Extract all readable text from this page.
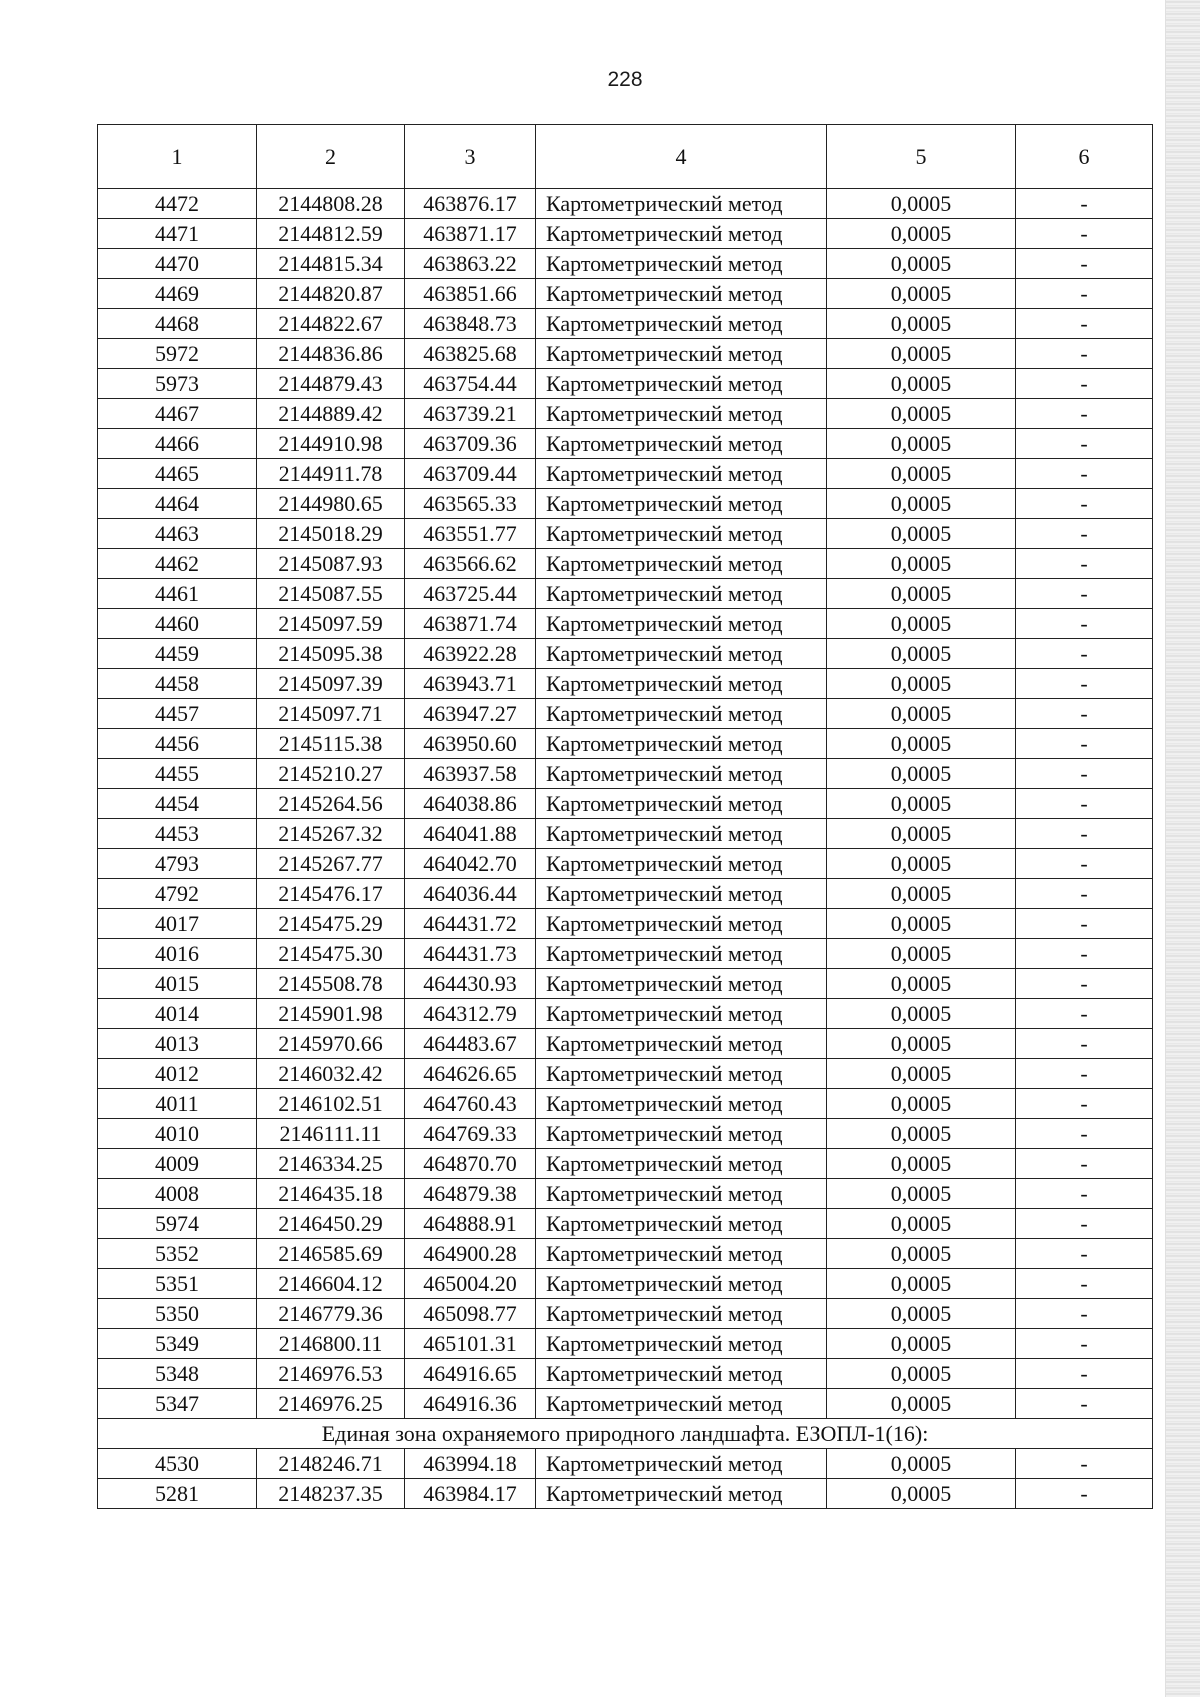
228
1	2	3	4	5	6
4472	2144808.28	463876.17	Картометрический метод	0,0005	-
4471	2144812.59	463871.17	Картометрический метод	0,0005	-
4470	2144815.34	463863.22	Картометрический метод	0,0005	-
4469	2144820.87	463851.66	Картометрический метод	0,0005	-
4468	2144822.67	463848.73	Картометрический метод	0,0005	-
5972	2144836.86	463825.68	Картометрический метод	0,0005	-
5973	2144879.43	463754.44	Картометрический метод	0,0005	-
4467	2144889.42	463739.21	Картометрический метод	0,0005	-
4466	2144910.98	463709.36	Картометрический метод	0,0005	-
4465	2144911.78	463709.44	Картометрический метод	0,0005	-
4464	2144980.65	463565.33	Картометрический метод	0,0005	-
4463	2145018.29	463551.77	Картометрический метод	0,0005	-
4462	2145087.93	463566.62	Картометрический метод	0,0005	-
4461	2145087.55	463725.44	Картометрический метод	0,0005	-
4460	2145097.59	463871.74	Картометрический метод	0,0005	-
4459	2145095.38	463922.28	Картометрический метод	0,0005	-
4458	2145097.39	463943.71	Картометрический метод	0,0005	-
4457	2145097.71	463947.27	Картометрический метод	0,0005	-
4456	2145115.38	463950.60	Картометрический метод	0,0005	-
4455	2145210.27	463937.58	Картометрический метод	0,0005	-
4454	2145264.56	464038.86	Картометрический метод	0,0005	-
4453	2145267.32	464041.88	Картометрический метод	0,0005	-
4793	2145267.77	464042.70	Картометрический метод	0,0005	-
4792	2145476.17	464036.44	Картометрический метод	0,0005	-
4017	2145475.29	464431.72	Картометрический метод	0,0005	-
4016	2145475.30	464431.73	Картометрический метод	0,0005	-
4015	2145508.78	464430.93	Картометрический метод	0,0005	-
4014	2145901.98	464312.79	Картометрический метод	0,0005	-
4013	2145970.66	464483.67	Картометрический метод	0,0005	-
4012	2146032.42	464626.65	Картометрический метод	0,0005	-
4011	2146102.51	464760.43	Картометрический метод	0,0005	-
4010	2146111.11	464769.33	Картометрический метод	0,0005	-
4009	2146334.25	464870.70	Картометрический метод	0,0005	-
4008	2146435.18	464879.38	Картометрический метод	0,0005	-
5974	2146450.29	464888.91	Картометрический метод	0,0005	-
5352	2146585.69	464900.28	Картометрический метод	0,0005	-
5351	2146604.12	465004.20	Картометрический метод	0,0005	-
5350	2146779.36	465098.77	Картометрический метод	0,0005	-
5349	2146800.11	465101.31	Картометрический метод	0,0005	-
5348	2146976.53	464916.65	Картометрический метод	0,0005	-
5347	2146976.25	464916.36	Картометрический метод	0,0005	-
Единая зона охраняемого природного ландшафта. ЕЗОПЛ-1(16):					
4530	2148246.71	463994.18	Картометрический метод	0,0005	-
5281	2148237.35	463984.17	Картометрический метод	0,0005	-
